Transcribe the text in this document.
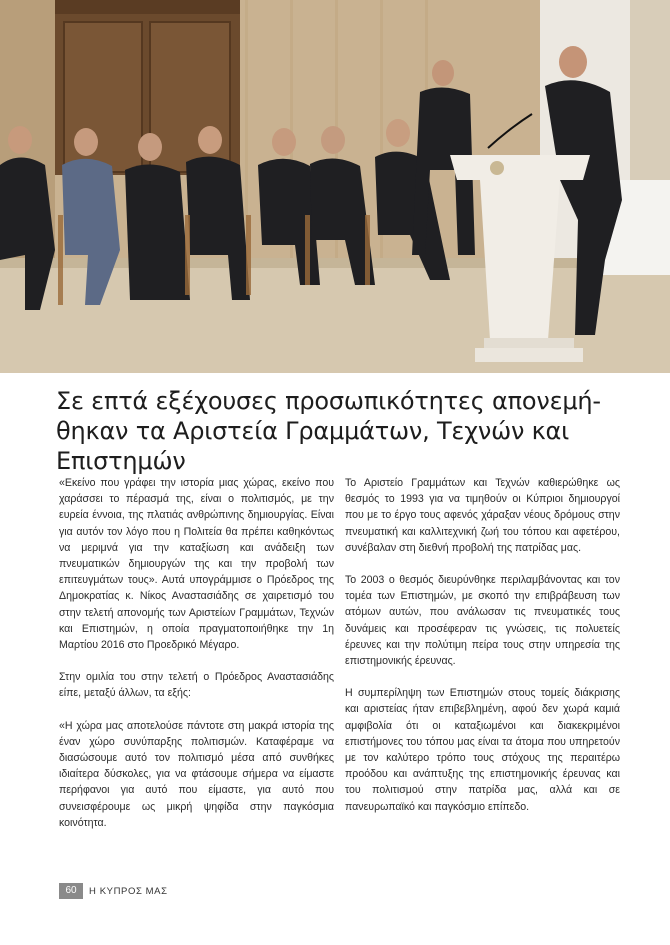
Σε επτά εξέχουσες προσωπικότητες απονεμή-θηκαν τα Αριστεία Γραμμάτων, Τεχνών και Επιστημών

«Εκείνο που γράφει την ιστορία μιας χώρας, εκείνο που χαράσσει το πέρασμά της, είναι ο πολιτισμός, με την ευρεία έννοια, της πλατιάς ανθρώπινης δημιουργίας. Είναι για αυτόν τον λόγο που η Πολιτεία θα πρέπει καθηκόντως να μεριμνά για την καταξίωση και ανάδειξη των πνευματικών δημιουργών της και την προβολή των επιτευγμάτων τους». Αυτά υπογράμμισε ο Πρόεδρος της Δημοκρατίας κ. Νίκος Αναστασιάδης σε χαιρετισμό του στην τελετή απονομής των Αριστείων Γραμμάτων, Τεχνών και Επιστημών, η οποία πραγματοποιήθηκε την 1η Μαρτίου 2016 στο Προεδρικό Μέγαρο.

Στην ομιλία του στην τελετή ο Πρόεδρος Αναστασιάδης είπε, μεταξύ άλλων, τα εξής:

«Η χώρα μας αποτελούσε πάντοτε στη μακρά ιστορία της έναν χώρο συνύπαρξης πολιτισμών. Καταφέραμε να διασώσουμε αυτό τον πολιτισμό μέσα από συνθήκες ιδιαίτερα δύσκολες, για να φτάσουμε σήμερα να είμαστε περήφανοι για αυτό που είμαστε, για αυτό που συνεισφέρουμε ως μικρή ψηφίδα στην παγκόσμια κοινότητα.

Το Αριστείο Γραμμάτων και Τεχνών καθιερώθηκε ως θεσμός το 1993 για να τιμηθούν οι Κύπριοι δημιουργοί που με το έργο τους αφενός χάραξαν νέους δρόμους στην πνευματική και καλλιτεχνική ζωή του τόπου και αφετέρου, συνέβαλαν στη διεθνή προβολή της πατρίδας μας.

Το 2003 ο θεσμός διευρύνθηκε περιλαμβάνοντας και τον τομέα των Επιστημών, με σκοπό την επιβράβευση των ατόμων αυτών, που ανάλωσαν τις πνευματικές τους δυνάμεις και προσέφεραν τις γνώσεις, τις πολυετείς έρευνες και την πολύτιμη πείρα τους στην υπηρεσία της επιστημονικής έρευνας.

Η συμπερίληψη των Επιστημών στους τομείς διάκρισης και αριστείας ήταν επιβεβλημένη, αφού δεν χωρά καμιά αμφιβολία ότι οι καταξιωμένοι και διακεκριμένοι επιστήμονες του τόπου μας είναι τα άτομα που υπηρετούν με τον καλύτερο τρόπο τους στόχους της περαιτέρω προόδου και ανάπτυξης της επιστημονικής έρευνας και του πολιτισμού στην πατρίδα μας, αλλά και σε πανευρωπαϊκό και παγκόσμιο επίπεδο.

60	Η ΚΥΠΡΟΣ ΜΑΣ
